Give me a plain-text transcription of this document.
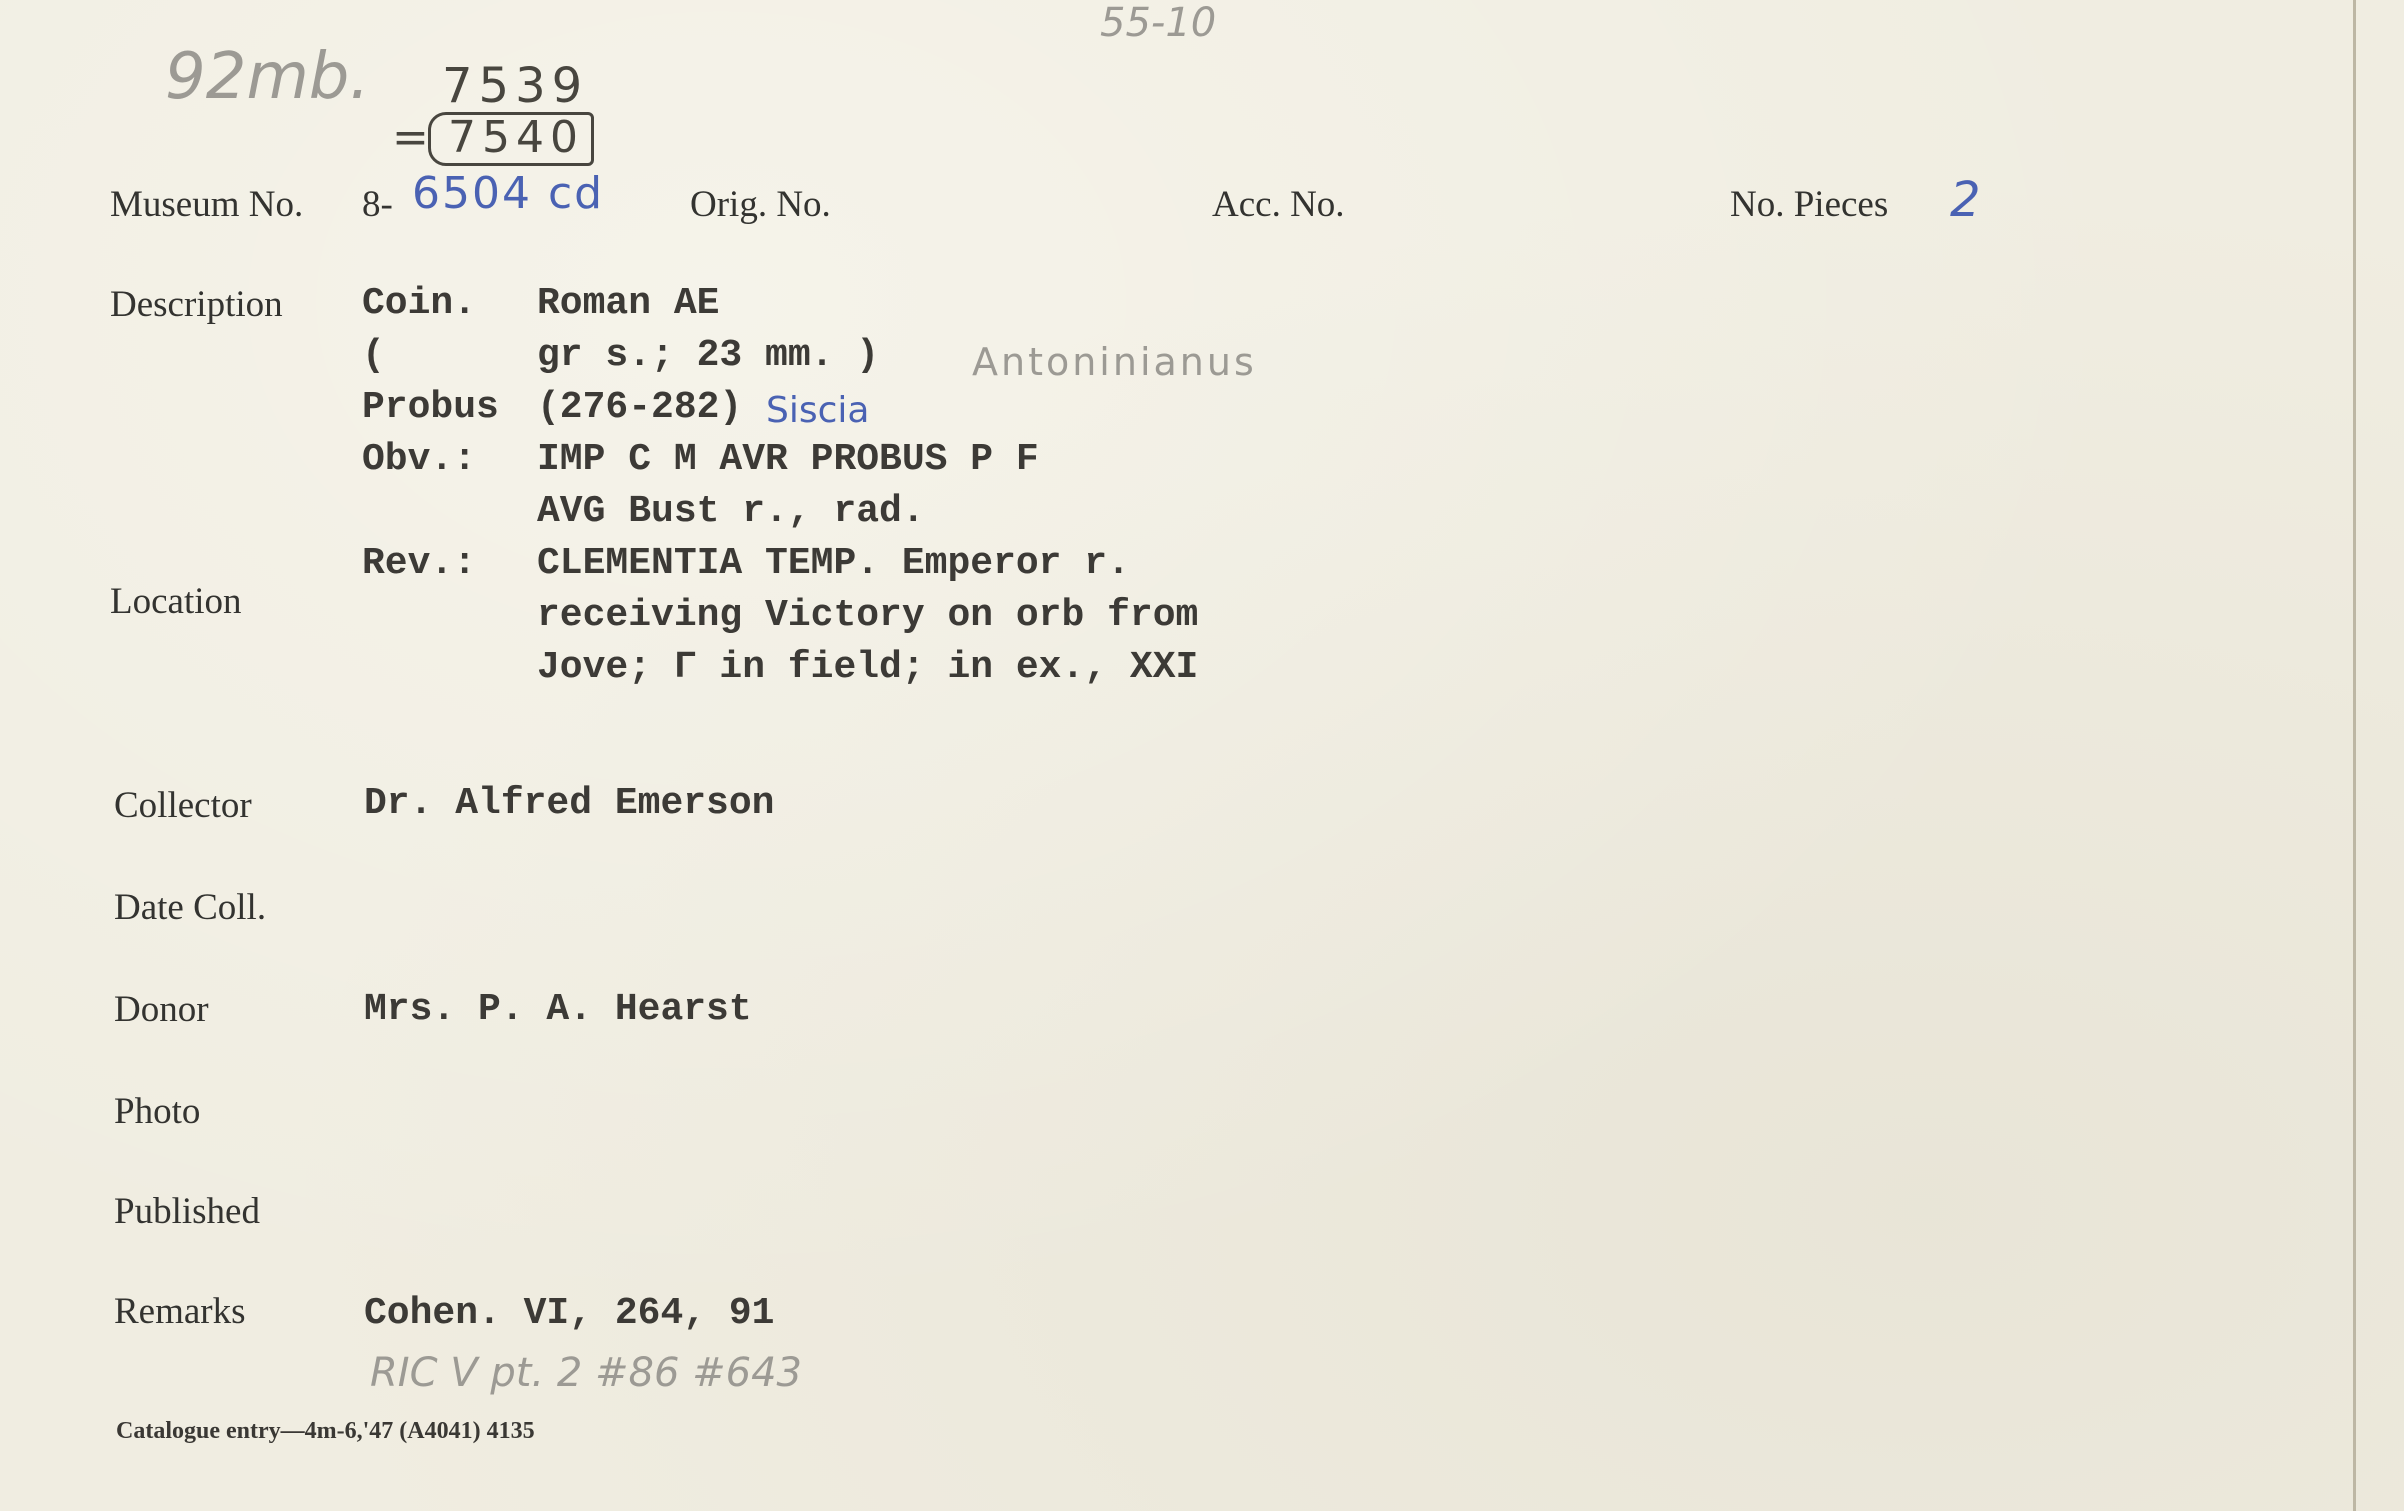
55-10
92mb. 7539
= 7540
Museum No. 8- 6504 cd Orig. No.	Acc. No.	No. Pieces 2
Description Coin. Roman AE
(	gr s.; 23 mm. ) Antoninianus
Probus (276-282) Siscia
Obv.: IMP C M AVR PROBUS P F
AVG Bust r., rad.
Rev.: CLEMENTIA TEMP. Emperor r.
receiving Victory on orb from
Jove; Γ in field; in ex., XXI
Location
Collector	Dr. Alfred Emerson
Date Coll.
Donor	Mrs. P. A. Hearst
Photo
Published
Remarks	Cohen. VI, 264, 91
RIC V pt. 2 #86 #643
Catalogue entry—4m-6,'47 (A4041) 4135
